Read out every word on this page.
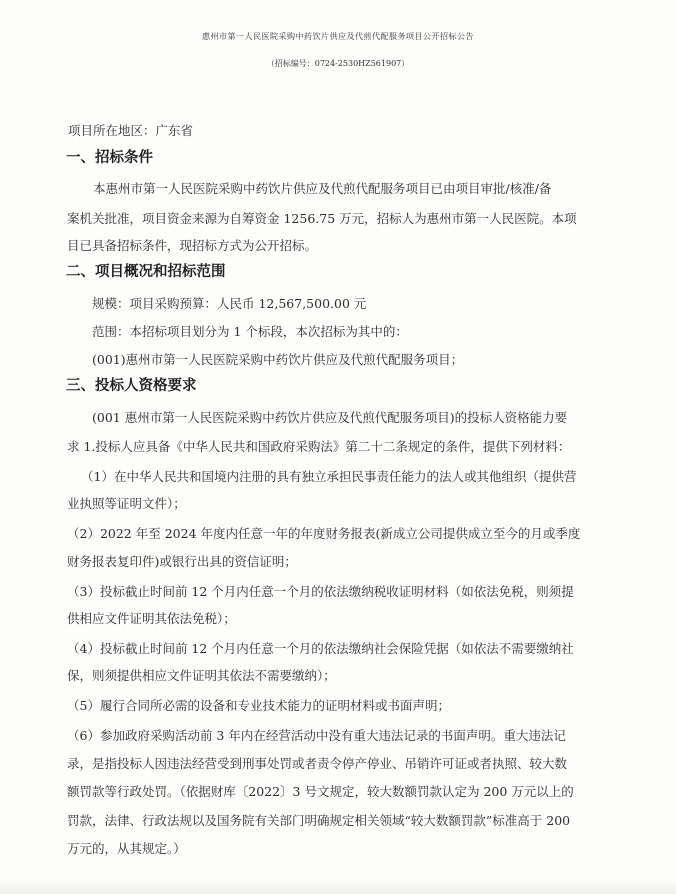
惠州市第一人民医院采购中药饮片供应及代煎代配服务项目公开招标公告
（招标编号：0724-2530HZ561907）
项目所在地区：广东省
一、招标条件
本惠州市第一人民医院采购中药饮片供应及代煎代配服务项目已由项目审批/核准/备
案机关批准，项目资金来源为自筹资金 1256.75 万元，招标人为惠州市第一人民医院。本项
目已具备招标条件，现招标方式为公开招标。
二、项目概况和招标范围
规模：项目采购预算：人民币 12,567,500.00 元
范围：本招标项目划分为 1 个标段，本次招标为其中的：
(001)惠州市第一人民医院采购中药饮片供应及代煎代配服务项目；
三、投标人资格要求
(001 惠州市第一人民医院采购中药饮片供应及代煎代配服务项目)的投标人资格能力要
求 1.投标人应具备《中华人民共和国政府采购法》第二十二条规定的条件，提供下列材料：
（1）在中华人民共和国境内注册的具有独立承担民事责任能力的法人或其他组织（提供营
业执照等证明文件）；
（2）2022 年至 2024 年度内任意一年的年度财务报表(新成立公司提供成立至今的月或季度
财务报表复印件)或银行出具的资信证明；
（3）投标截止时间前 12 个月内任意一个月的依法缴纳税收证明材料（如依法免税，则须提
供相应文件证明其依法免税）；
（4）投标截止时间前 12 个月内任意一个月的依法缴纳社会保险凭据（如依法不需要缴纳社
保，则须提供相应文件证明其依法不需要缴纳）；
（5）履行合同所必需的设备和专业技术能力的证明材料或书面声明；
（6）参加政府采购活动前 3 年内在经营活动中没有重大违法记录的书面声明。重大违法记
录，是指投标人因违法经营受到刑事处罚或者责令停产停业、吊销许可证或者执照、较大数
额罚款等行政处罚。（依据财库〔2022〕3 号文规定，较大数额罚款认定为 200 万元以上的
罚款，法律、行政法规以及国务院有关部门明确规定相关领域“较大数额罚款”标准高于 200
万元的，从其规定。）
